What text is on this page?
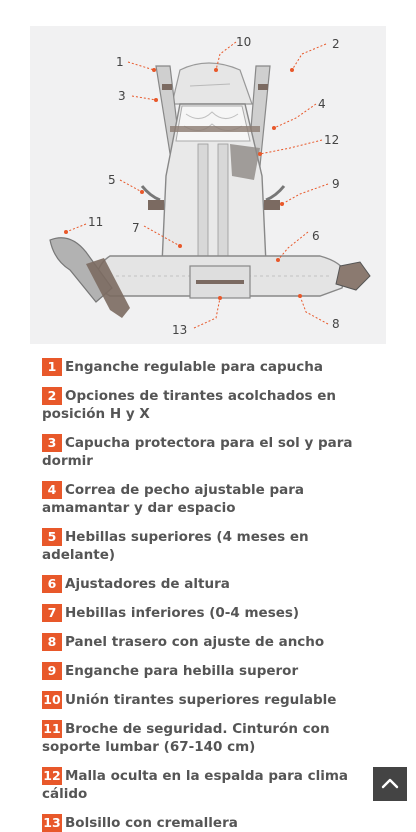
1
2
3
4
5
6
7
8
9
10
11
12
13
1 Enganche regulable para capucha
2 Opciones de tirantes acolchados en posición H y X
3 Capucha protectora para el sol y para dormir
4 Correa de pecho ajustable para amamantar y dar espacio
5 Hebillas superiores (4 meses en adelante)
6 Ajustadores de altura
7 Hebillas inferiores (0-4 meses)
8 Panel trasero con ajuste de ancho
9 Enganche para hebilla superor
10 Unión tirantes superiores regulable
11 Broche de seguridad. Cinturón con soporte lumbar (67-140 cm)
12 Malla oculta en la espalda para clima cálido
13 Bolsillo con cremallera
